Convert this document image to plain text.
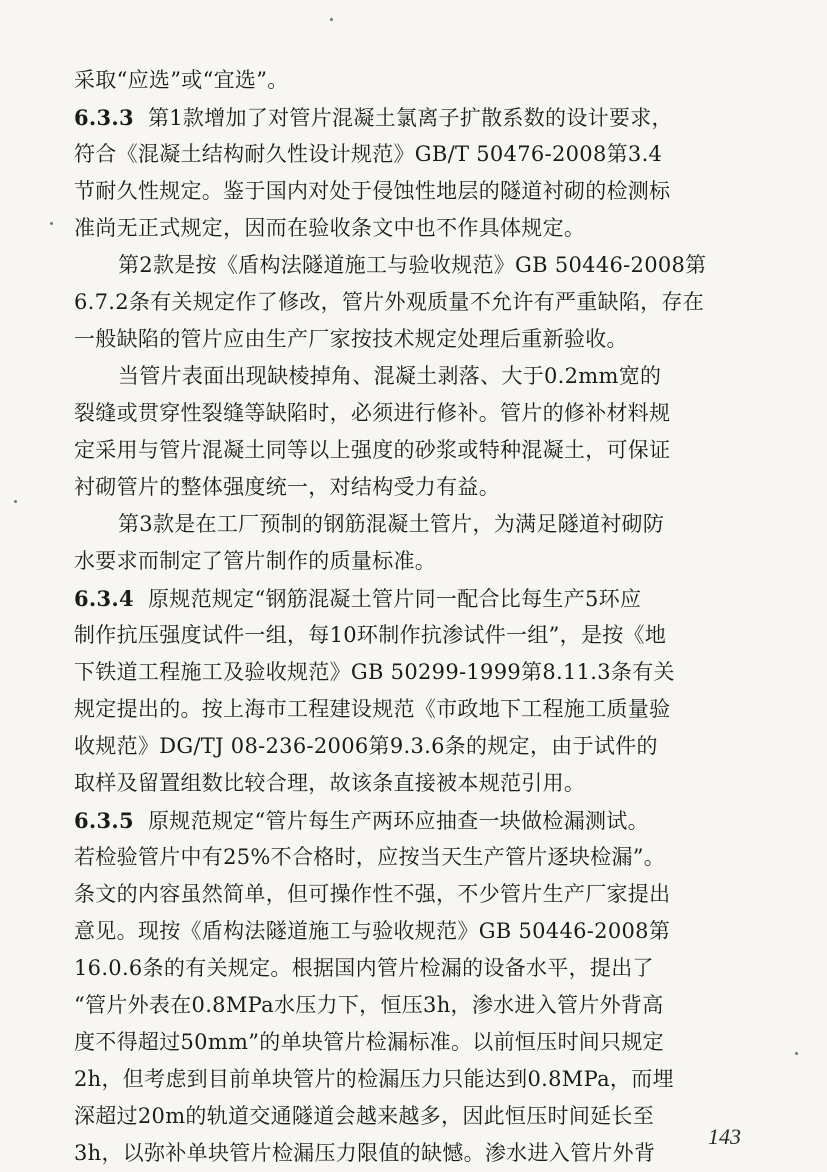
采取“应选”或“宜选”。
6.3.3 第1款增加了对管片混凝土氯离子扩散系数的设计要求，
符合《混凝土结构耐久性设计规范》GB/T 50476-2008第3.4
节耐久性规定。鉴于国内对处于侵蚀性地层的隧道衬砌的检测标
准尚无正式规定，因而在验收条文中也不作具体规定。
第2款是按《盾构法隧道施工与验收规范》GB 50446-2008第
6.7.2条有关规定作了修改，管片外观质量不允许有严重缺陷，存在
一般缺陷的管片应由生产厂家按技术规定处理后重新验收。
当管片表面出现缺棱掉角、混凝土剥落、大于0.2mm宽的
裂缝或贯穿性裂缝等缺陷时，必须进行修补。管片的修补材料规
定采用与管片混凝土同等以上强度的砂浆或特种混凝土，可保证
衬砌管片的整体强度统一，对结构受力有益。
第3款是在工厂预制的钢筋混凝土管片，为满足隧道衬砌防
水要求而制定了管片制作的质量标准。
6.3.4 原规范规定“钢筋混凝土管片同一配合比每生产5环应
制作抗压强度试件一组，每10环制作抗渗试件一组”，是按《地
下铁道工程施工及验收规范》GB 50299-1999第8.11.3条有关
规定提出的。按上海市工程建设规范《市政地下工程施工质量验
收规范》DG/TJ 08-236-2006第9.3.6条的规定，由于试件的
取样及留置组数比较合理，故该条直接被本规范引用。
6.3.5 原规范规定“管片每生产两环应抽查一块做检漏测试。
若检验管片中有25%不合格时，应按当天生产管片逐块检漏”。
条文的内容虽然简单，但可操作性不强，不少管片生产厂家提出
意见。现按《盾构法隧道施工与验收规范》GB 50446-2008第
16.0.6条的有关规定。根据国内管片检漏的设备水平，提出了
“管片外表在0.8MPa水压力下，恒压3h，渗水进入管片外背高
度不得超过50mm”的单块管片检漏标准。以前恒压时间只规定
2h，但考虑到目前单块管片的检漏压力只能达到0.8MPa，而埋
深超过20m的轨道交通隧道会越来越多，因此恒压时间延长至
3h，以弥补单块管片检漏压力限值的缺憾。渗水进入管片外背
143
